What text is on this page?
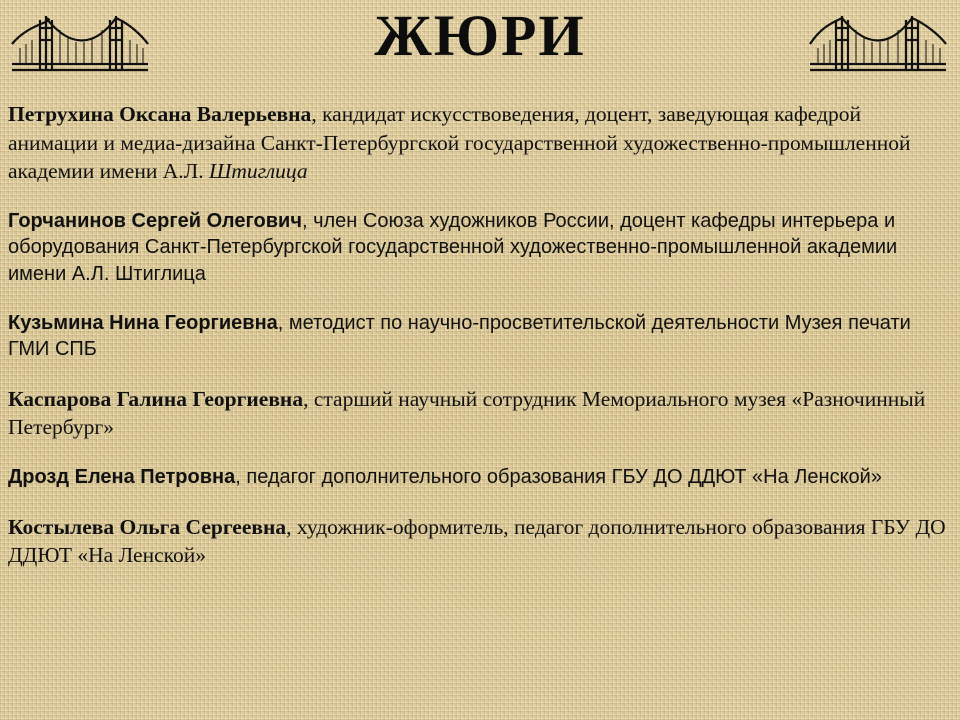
ЖЮРИ

Петрухина Оксана Валерьевна, кандидат искусствоведения, доцент, заведующая кафедрой анимации и медиа-дизайна Санкт-Петербургской государственной художественно-промышленной академии имени А.Л. Штиглица

Горчанинов Сергей Олегович, член Союза художников России, доцент кафедры интерьера и оборудования Санкт-Петербургской государственной художественно-промышленной академии имени А.Л. Штиглица

Кузьмина Нина Георгиевна, методист по научно-просветительской деятельности Музея печати ГМИ СПБ

Каспарова Галина Георгиевна, старший научный сотрудник Мемориального музея «Разночинный Петербург»

Дрозд Елена Петровна, педагог дополнительного образования ГБУ ДО ДДЮТ «На Ленской»

Костылева Ольга Сергеевна, художник-оформитель, педагог дополнительного образования ГБУ ДО ДДЮТ «На Ленской»
